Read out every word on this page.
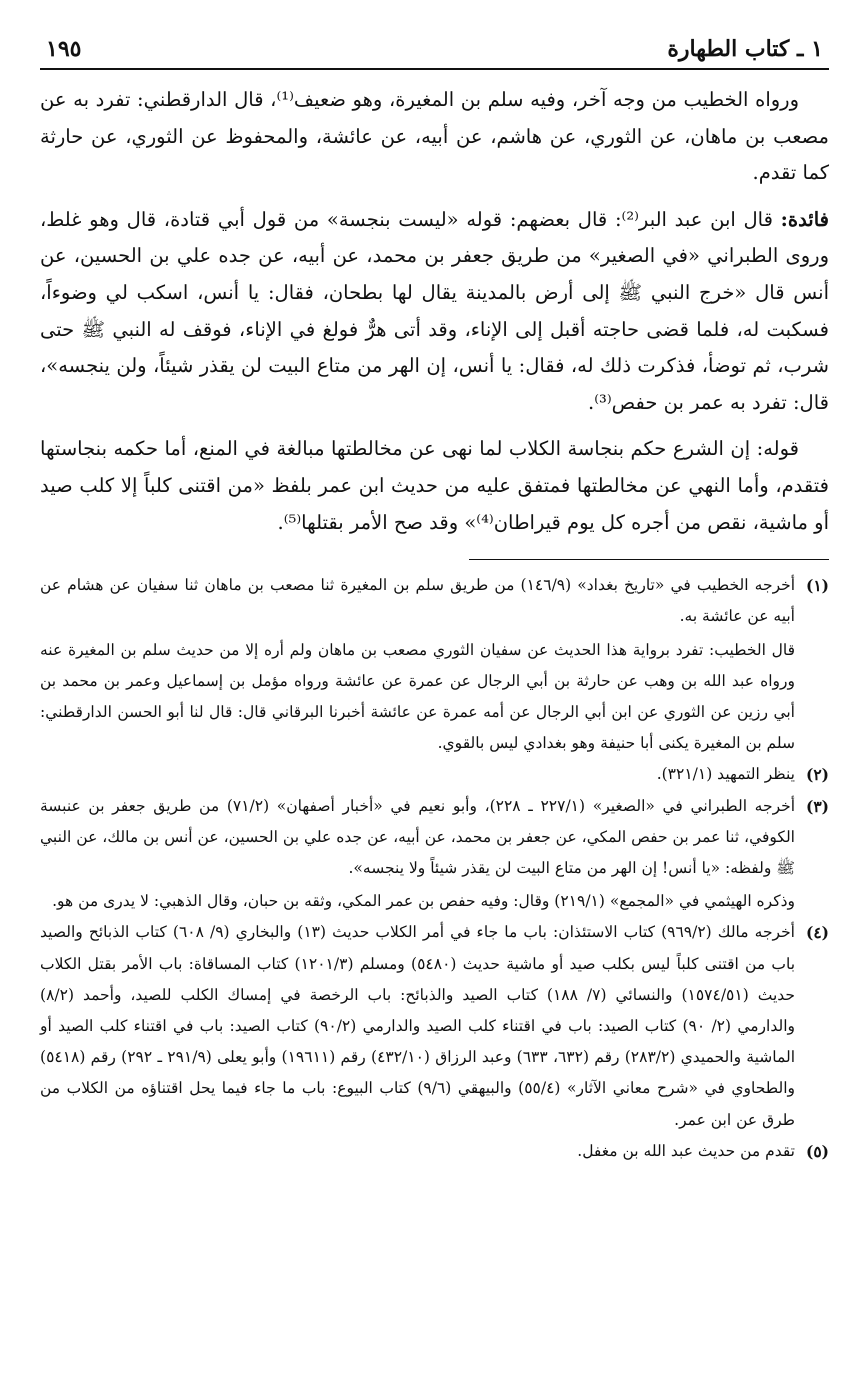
١ ـ كتاب الطهارة
١٩٥

ورواه الخطيب من وجه آخر، وفيه سلم بن المغيرة، وهو ضعيف⁽¹⁾، قال الدارقطني: تفرد به عن مصعب بن ماهان، عن الثوري، عن هاشم، عن أبيه، عن عائشة، والمحفوظ عن الثوري، عن حارثة كما تقدم.

فائدة: قال ابن عبد البر⁽²⁾: قال بعضهم: قوله «ليست بنجسة» من قول أبي قتادة، قال وهو غلط، وروى الطبراني «في الصغير» من طريق جعفر بن محمد، عن أبيه، عن جده علي بن الحسين، عن أنس قال «خرج النبي ﷺ إلى أرض بالمدينة يقال لها بطحان، فقال: يا أنس، اسكب لي وضوءاً، فسكبت له، فلما قضى حاجته أقبل إلى الإناء، وقد أتى هرٌّ فولغ في الإناء، فوقف له النبي ﷺ حتى شرب، ثم توضأ، فذكرت ذلك له، فقال: يا أنس، إن الهر من متاع البيت لن يقذر شيئاً، ولن ينجسه»، قال: تفرد به عمر بن حفص⁽³⁾.

قوله: إن الشرع حكم بنجاسة الكلاب لما نهى عن مخالطتها مبالغة في المنع، أما حكمه بنجاستها فتقدم، وأما النهي عن مخالطتها فمتفق عليه من حديث ابن عمر بلفظ «من اقتنى كلباً إلا كلب صيد أو ماشية، نقص من أجره كل يوم قيراطان⁽⁴⁾» وقد صح الأمر بقتلها⁽⁵⁾.

(١)

أخرجه الخطيب في «تاريخ بغداد» (١٤٦/٩) من طريق سلم بن المغيرة ثنا مصعب بن ماهان ثنا سفيان عن هشام عن أبيه عن عائشة به.

قال الخطيب: تفرد برواية هذا الحديث عن سفيان الثوري مصعب بن ماهان ولم أره إلا من حديث سلم بن المغيرة عنه ورواه عبد الله بن وهب عن حارثة بن أبي الرجال عن عمرة عن عائشة ورواه مؤمل بن إسماعيل وعمر بن محمد بن أبي رزين عن الثوري عن ابن أبي الرجال عن أمه عمرة عن عائشة أخبرنا البرقاني قال: قال لنا أبو الحسن الدارقطني: سلم بن المغيرة يكنى أبا حنيفة وهو بغدادي ليس بالقوي.

(٢)

ينظر التمهيد (٣٢١/١).

(٣)

أخرجه الطبراني في «الصغير» (٢٢٧/١ ـ ٢٢٨)، وأبو نعيم في «أخبار أصفهان» (٧١/٢) من طريق جعفر بن عنبسة الكوفي، ثنا عمر بن حفص المكي، عن جعفر بن محمد، عن أبيه، عن جده علي بن الحسين، عن أنس بن مالك، عن النبي ﷺ ولفظه: «يا أنس! إن الهر من متاع البيت لن يقذر شيئاً ولا ينجسه».

وذكره الهيثمي في «المجمع» (٢١٩/١) وقال: وفيه حفص بن عمر المكي، وثقه بن حبان، وقال الذهبي: لا يدرى من هو.

(٤)

أخرجه مالك (٩٦٩/٢) كتاب الاستئذان: باب ما جاء في أمر الكلاب حديث (١٣) والبخاري (٩/ ٦٠٨) كتاب الذبائح والصيد باب من اقتنى كلباً ليس بكلب صيد أو ماشية حديث (٥٤٨٠) ومسلم (١٢٠١/٣) كتاب المساقاة: باب الأمر بقتل الكلاب حديث (١٥٧٤/٥١) والنسائي (٧/ ١٨٨) كتاب الصيد والذبائح: باب الرخصة في إمساك الكلب للصيد، وأحمد (٨/٢) والدارمي (٢/ ٩٠) كتاب الصيد: باب في اقتناء كلب الصيد والدارمي (٩٠/٢) كتاب الصيد: باب في اقتناء كلب الصيد أو الماشية والحميدي (٢٨٣/٢) رقم (٦٣٢، ٦٣٣) وعبد الرزاق (٤٣٢/١٠) رقم (١٩٦١١) وأبو يعلى (٢٩١/٩ ـ ٢٩٢) رقم (٥٤١٨) والطحاوي في «شرح معاني الآثار» (٥٥/٤) والبيهقي (٩/٦) كتاب البيوع: باب ما جاء فيما يحل اقتناؤه من الكلاب من طرق عن ابن عمر.

(٥)

تقدم من حديث عبد الله بن مغفل.
